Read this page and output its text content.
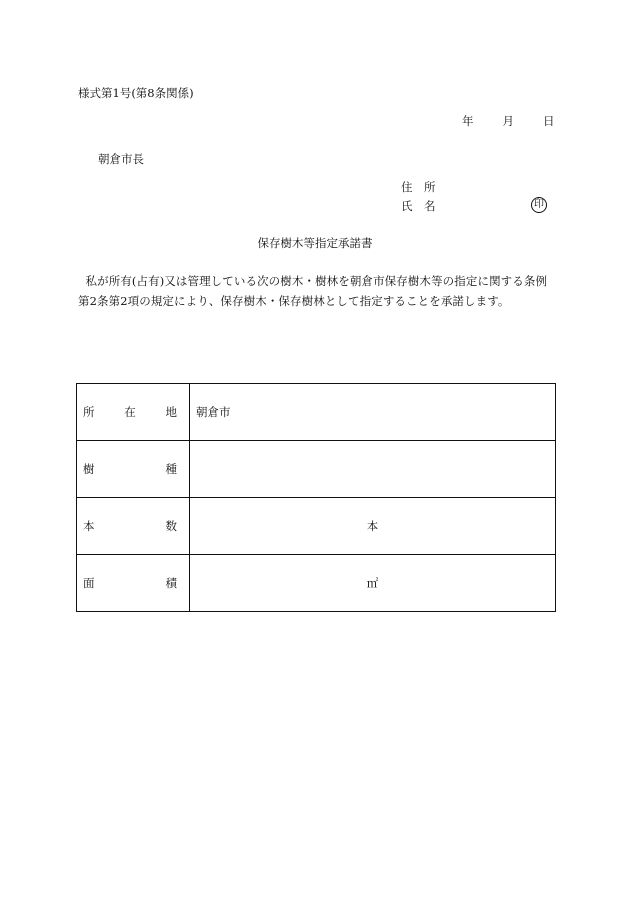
様式第1号(第8条関係)
年	月	日
朝倉市長
住　所
氏　名	印
保存樹木等指定承諾書

私が所有(占有)又は管理している次の樹木・樹林を朝倉市保存樹木等の指定に関する条例

第2条第2項の規定により、保存樹木・保存樹林として指定することを承諾します。

所 在 地	朝倉市

樹 種	

本 数	本

面 積	㎡
